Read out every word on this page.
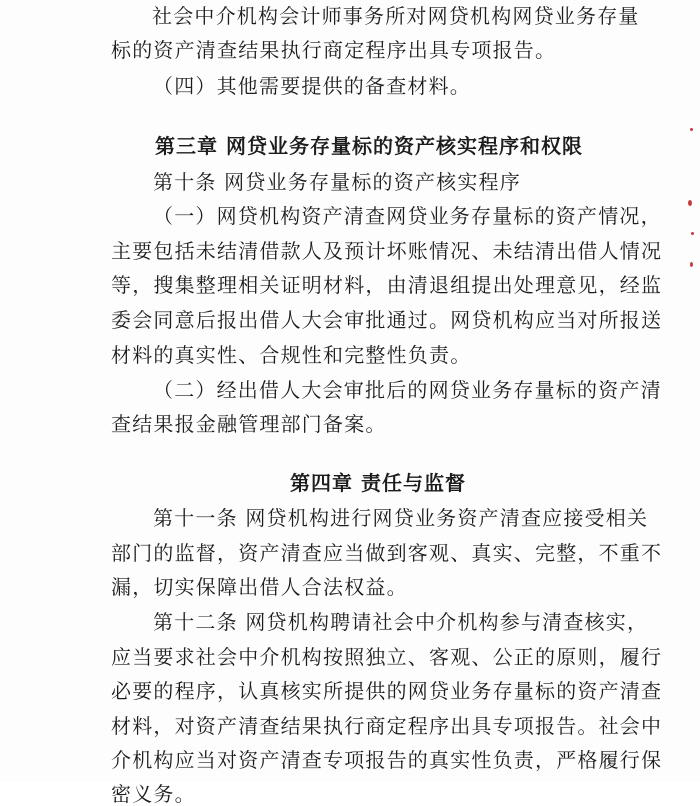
社会中介机构会计师事务所对网贷机构网贷业务存量
标的资产清查结果执行商定程序出具专项报告。
（四）其他需要提供的备查材料。
第三章 网贷业务存量标的资产核实程序和权限
第十条 网贷业务存量标的资产核实程序
（一）网贷机构资产清查网贷业务存量标的资产情况，
主要包括未结清借款人及预计坏账情况、未结清出借人情况
等，搜集整理相关证明材料，由清退组提出处理意见，经监
委会同意后报出借人大会审批通过。网贷机构应当对所报送
材料的真实性、合规性和完整性负责。
（二）经出借人大会审批后的网贷业务存量标的资产清
查结果报金融管理部门备案。
第四章 责任与监督
第十一条 网贷机构进行网贷业务资产清查应接受相关
部门的监督，资产清查应当做到客观、真实、完整，不重不
漏，切实保障出借人合法权益。
第十二条 网贷机构聘请社会中介机构参与清查核实，
应当要求社会中介机构按照独立、客观、公正的原则，履行
必要的程序，认真核实所提供的网贷业务存量标的资产清查
材料，对资产清查结果执行商定程序出具专项报告。社会中
介机构应当对资产清查专项报告的真实性负责，严格履行保
密义务。
